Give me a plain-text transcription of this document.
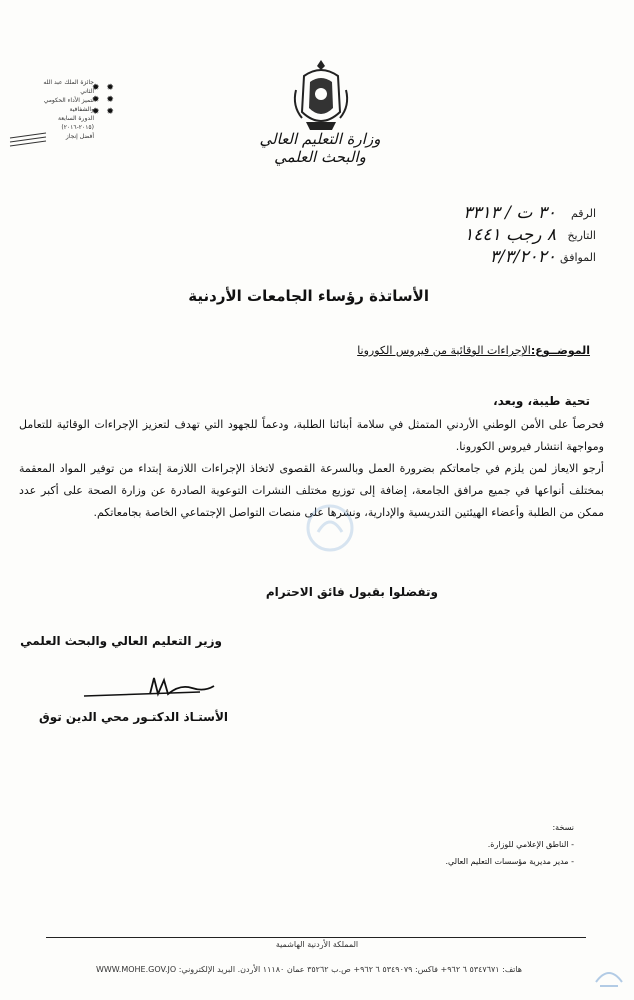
وزارة التعليم العالي والبحث العلمي
جائزة الملك عبد الله الثاني
لتميز الأداء الحكومي والشفافية
الدورة السابعة (٢٠١٥-٢٠١٦)
أفضل إنجاز
✹ ✹
✹ ✹
✹ ✹
الرقم
٣٠ ت / ٣٣١٣
التاريخ
٨ رجب ١٤٤١
الموافق
٣/٣/٢٠٢٠
الأساتذة رؤساء الجامعات الأردنية
الموضــوع:الإجراءات الوقائية من فيروس الكورونا
تحية طيبة، وبعد،

فحرصاً على الأمن الوطني الأردني المتمثل في سلامة أبنائنا الطلبة، ودعماً للجهود التي تهدف لتعزيز الإجراءات الوقائية للتعامل ومواجهة انتشار فيروس الكورونا.

أرجو الايعاز لمن يلزم في جامعاتكم بضرورة العمل وبالسرعة القصوى لاتخاذ الإجراءات اللازمة إبتداء من توفير المواد المعقمة بمختلف أنواعها في جميع مرافق الجامعة، إضافة إلى توزيع مختلف النشرات التوعوية الصادرة عن وزارة الصحة على أكبر عدد ممكن من الطلبة وأعضاء الهيئتين التدريسية والإدارية، ونشرها على منصات التواصل الإجتماعي الخاصة بجامعاتكم.

وتفضلوا بقبول فائق الاحترام
وزير التعليم العالي والبحث العلمي
الأستـاذ الدكتـور محي الدين توق
نسخة:
- الناطق الإعلامي للوزارة.
- مدير مديرية مؤسسات التعليم العالي.
المملكة الأردنية الهاشمية
هاتف: ٥٣٤٧٦٧١ ٦ ٩٦٢+ فاكس: ٥٣٤٩٠٧٩ ٦ ٩٦٢+ ص.ب ٣٥٢٦٢ عمان ١١١٨٠ الأردن. البريد الإلكتروني: WWW.MOHE.GOV.JO
